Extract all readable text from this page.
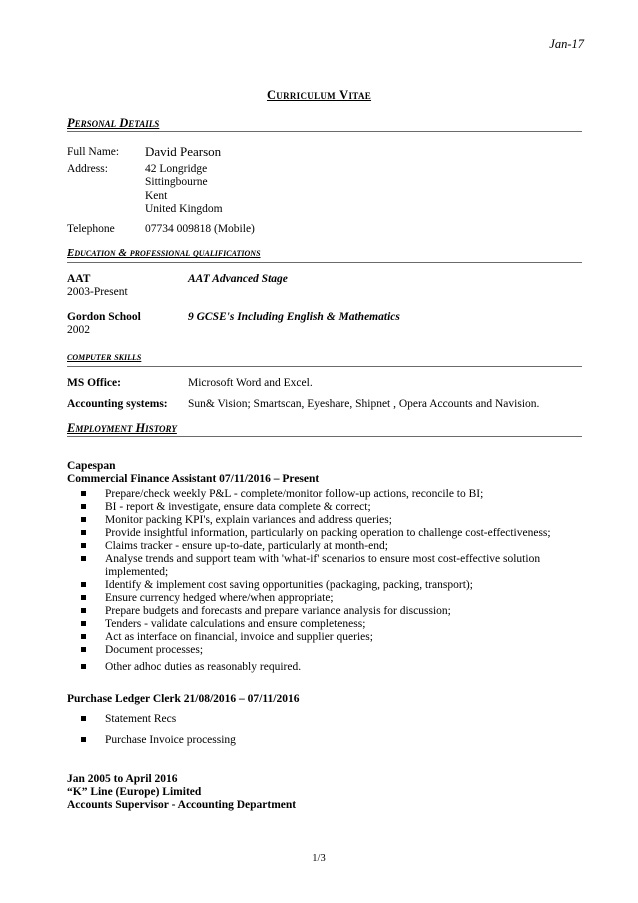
Jan-17
Curriculum Vitae
Personal Details
Full Name: David Pearson
Address:	42 Longridge
Sittingbourne
Kent
United Kingdom
Telephone	07734 009818 (Mobile)
Education & professional qualifications
AAT	AAT Advanced Stage
2003-Present
Gordon School	9 GCSE's Including English & Mathematics
2002
computer skills
MS Office:	Microsoft Word and Excel.
Accounting systems: Sun& Vision; Smartscan, Eyeshare, Shipnet , Opera Accounts and Navision.
Employment History
Capespan
Commercial Finance Assistant 07/11/2016 – Present
Prepare/check weekly P&L - complete/monitor follow-up actions, reconcile to BI;
BI - report & investigate, ensure data complete & correct;
Monitor packing KPI's, explain variances and address queries;
Provide insightful information, particularly on packing operation to challenge cost-effectiveness;
Claims tracker - ensure up-to-date, particularly at month-end;
Analyse trends and support team with 'what-if' scenarios to ensure most cost-effective solution implemented;
Identify & implement cost saving opportunities (packaging, packing, transport);
Ensure currency hedged where/when appropriate;
Prepare budgets and forecasts and prepare variance analysis for discussion;
Tenders - validate calculations and ensure completeness;
Act as interface on financial, invoice and supplier queries;
Document processes;
Other adhoc duties as reasonably required.
Purchase Ledger Clerk 21/08/2016 – 07/11/2016
Statement Recs
Purchase Invoice processing
Jan 2005 to April 2016
“K” Line (Europe) Limited
Accounts Supervisor - Accounting Department
1/3
